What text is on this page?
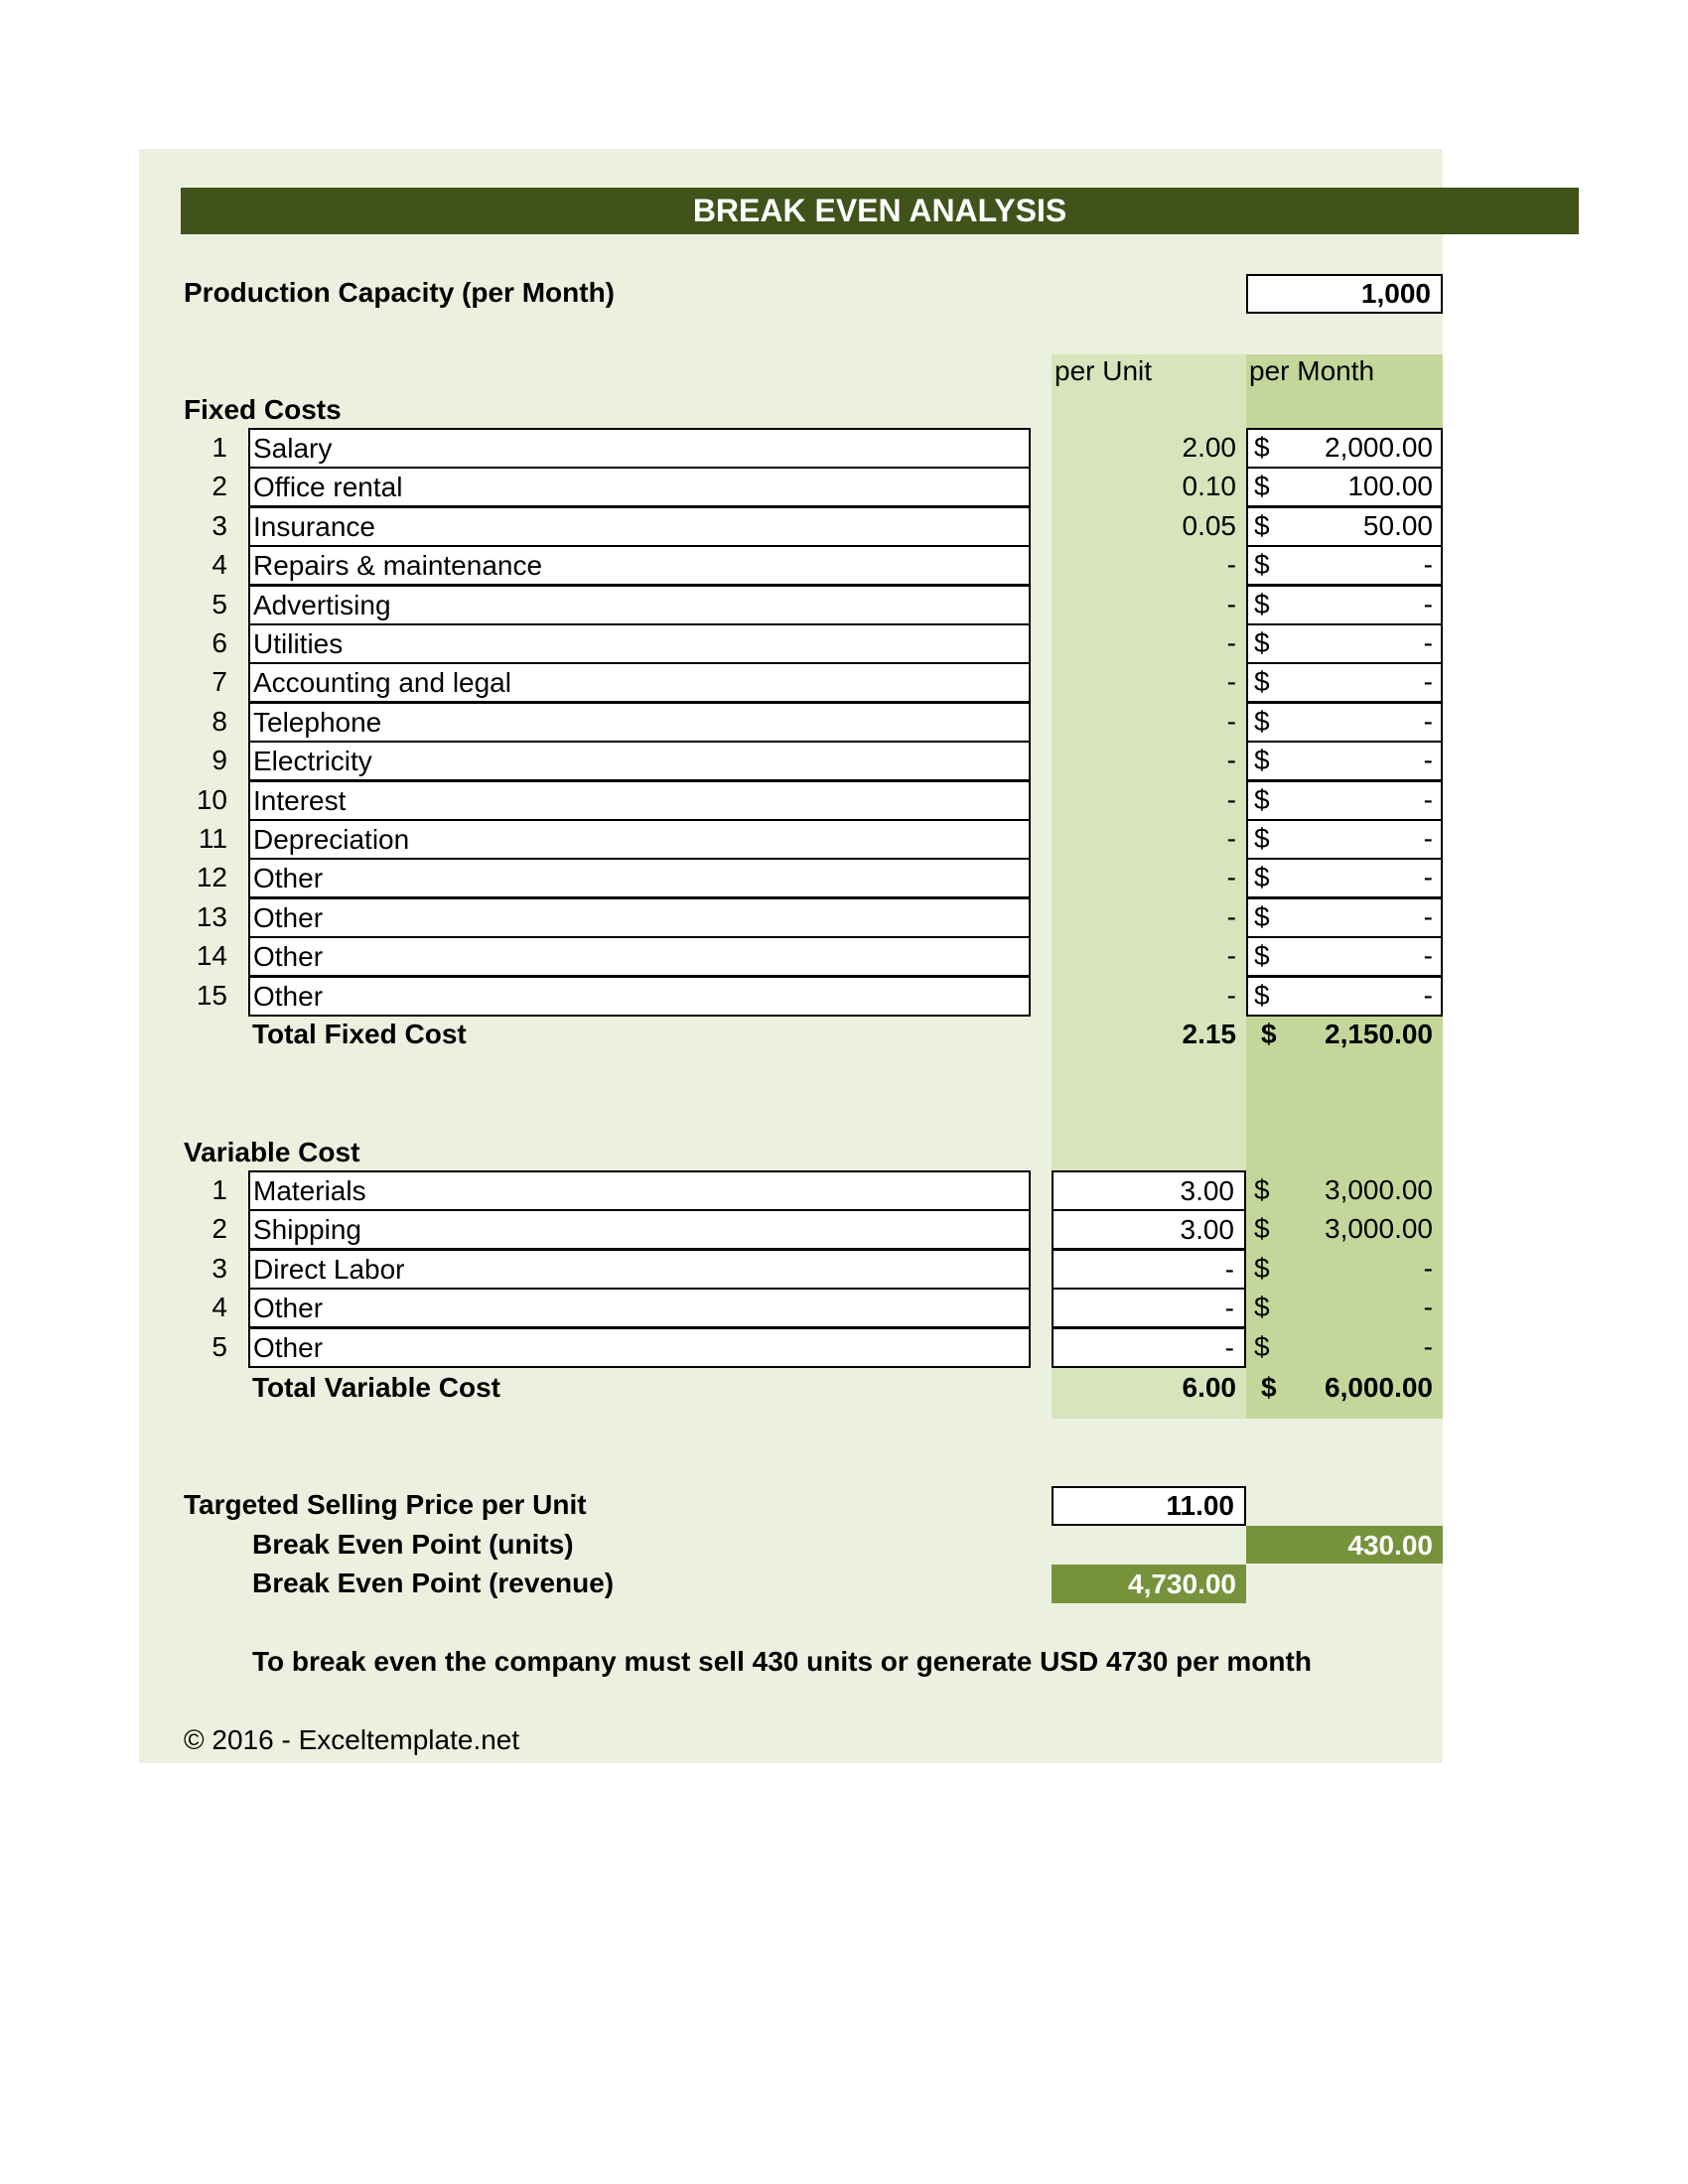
BREAK EVEN ANALYSIS
Production Capacity (per Month)	1,000
per Unit	per Month
Fixed Costs
1 Salary	2.00 $	2,000.00
2 Office rental	0.10 $	100.00
3 Insurance	0.05 $	50.00
4 Repairs & maintenance	- $	-
5 Advertising	- $	-
6 Utilities	- $	-
7 Accounting and legal	- $	-
8 Telephone	- $	-
9 Electricity	- $	-
10 Interest	- $	-
11 Depreciation	- $	-
12 Other	- $	-
13 Other	- $	-
14 Other	- $	-
15 Other	- $	-
Total Fixed Cost	2.15 $	2,150.00
Variable Cost
1 Materials	3.00 $	3,000.00
2 Shipping	3.00 $	3,000.00
3 Direct Labor	- $	-
4 Other	- $	-
5 Other	- $	-
Total Variable Cost	6.00 $	6,000.00
Targeted Selling Price per Unit	11.00
Break Even Point (units)	430.00
Break Even Point (revenue)	4,730.00
To break even the company must sell 430 units or generate USD 4730 per month
© 2016 - Exceltemplate.net
